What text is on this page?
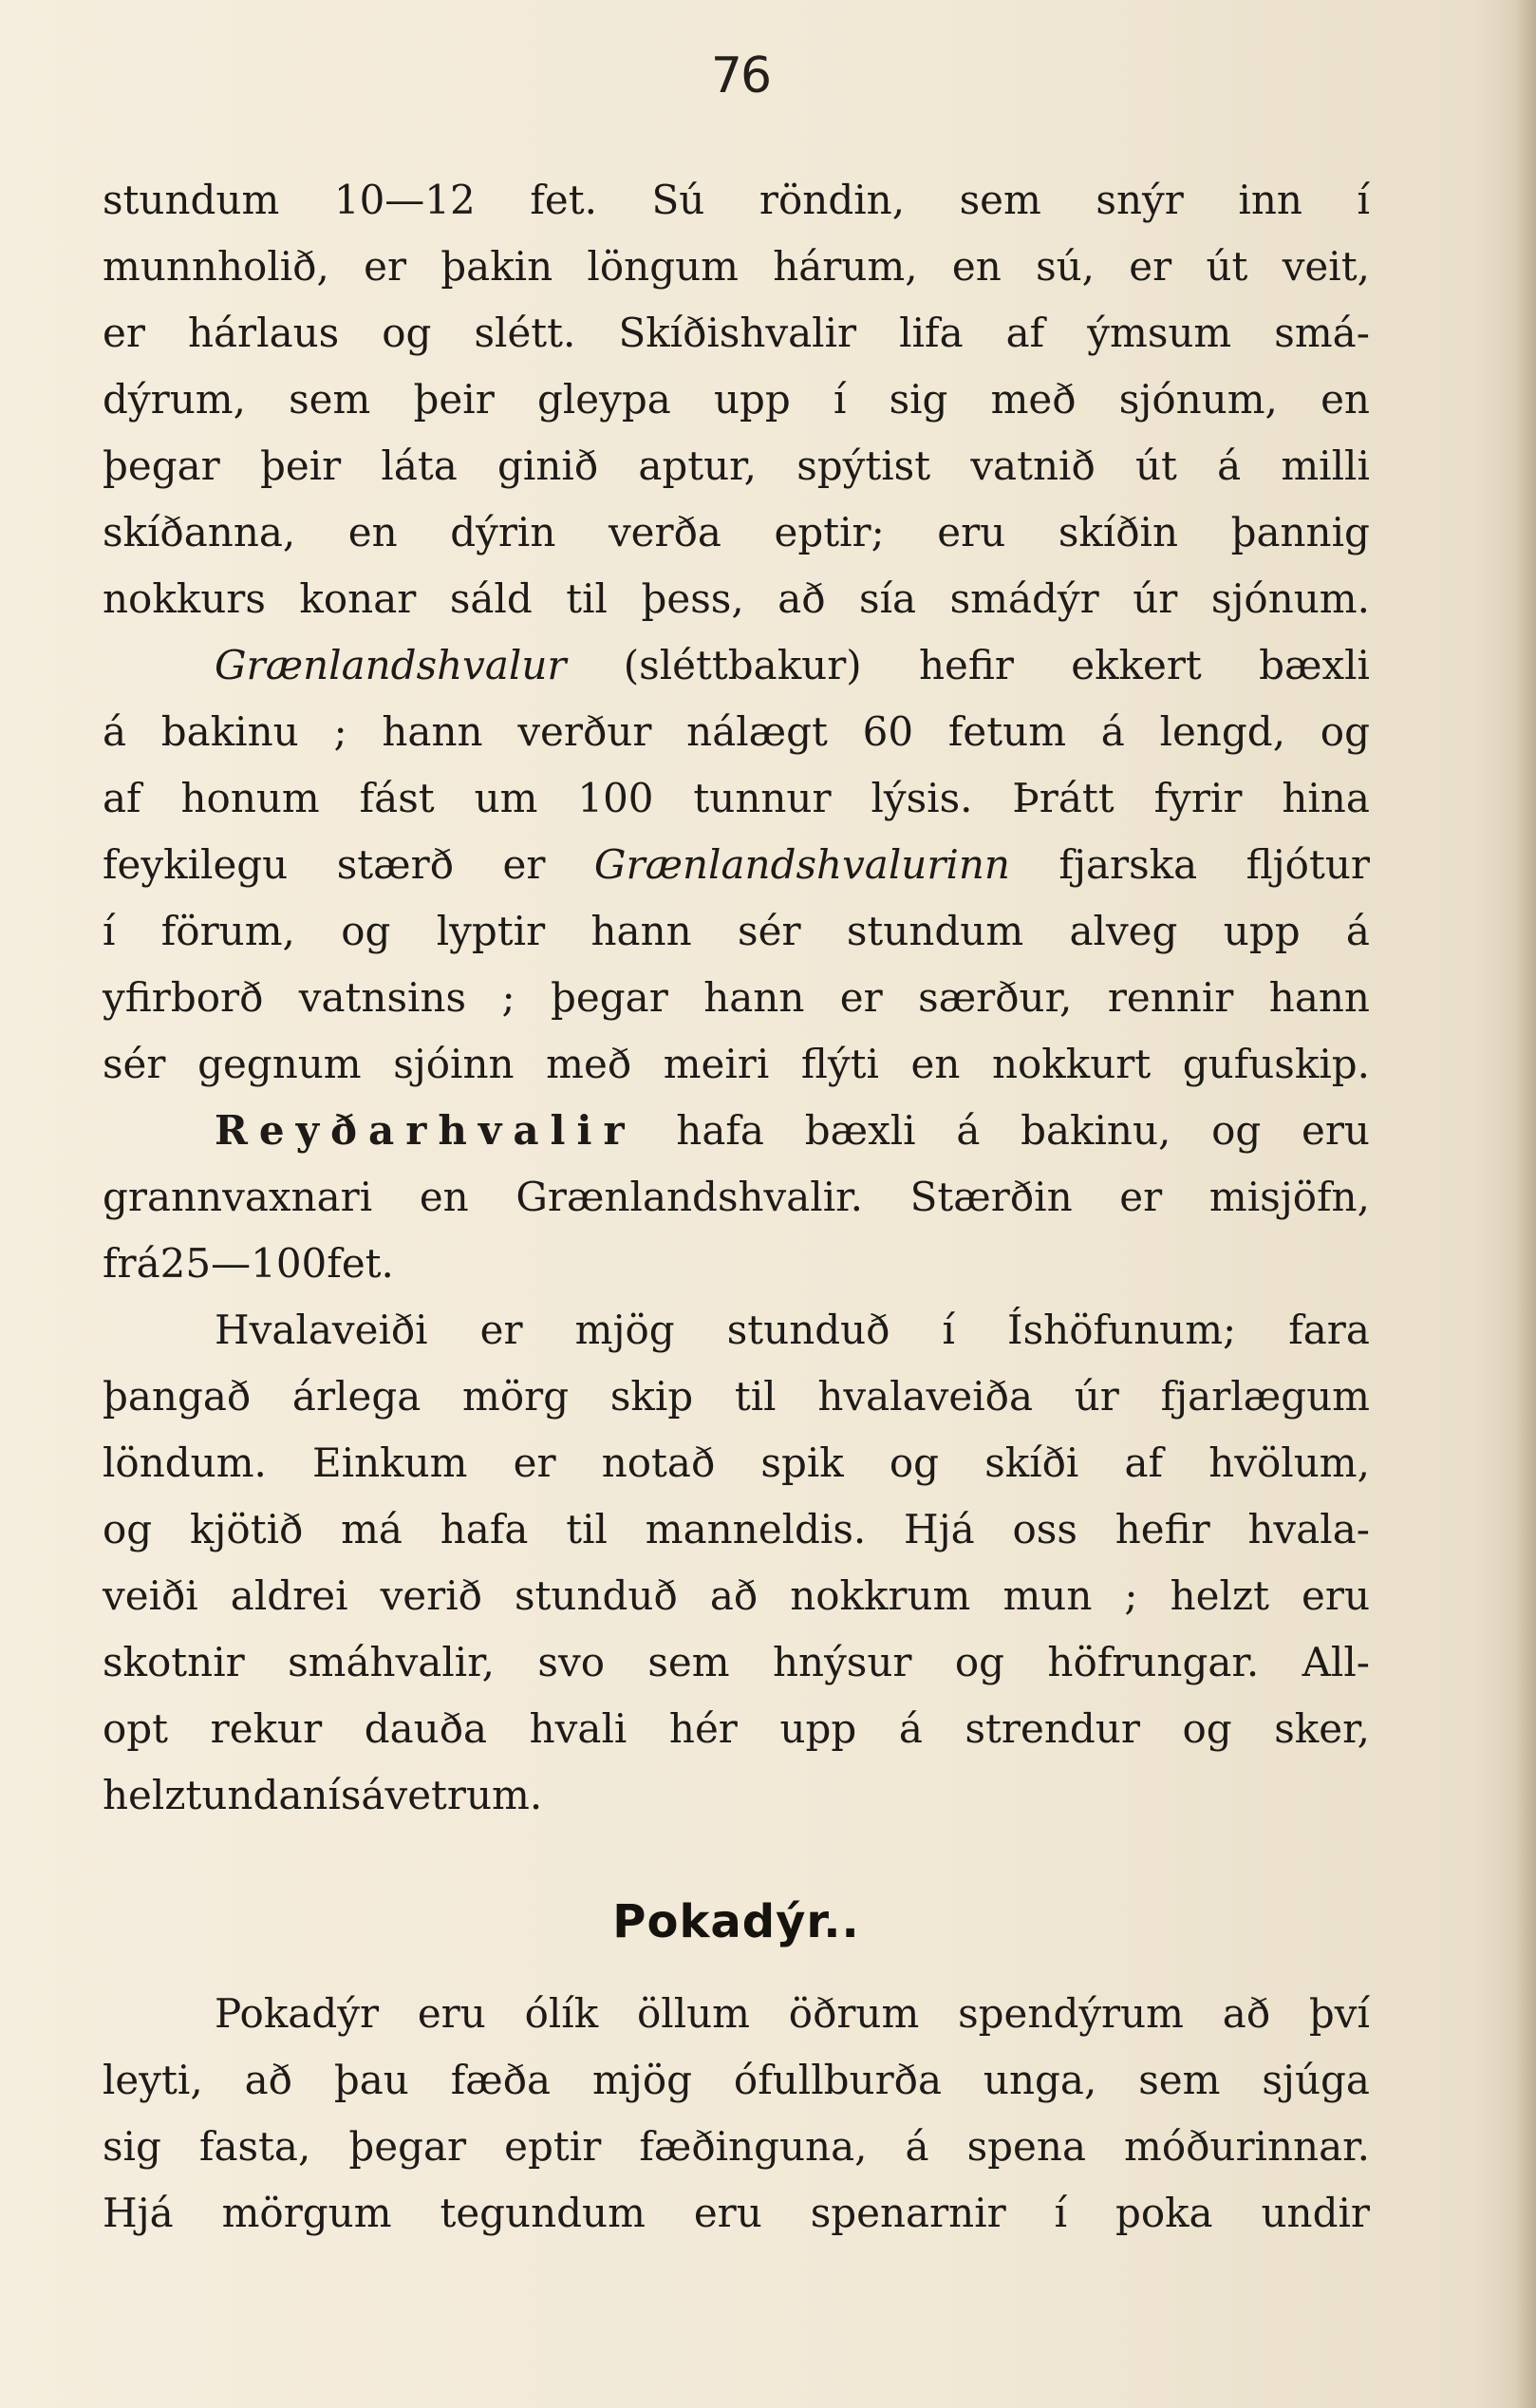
76
stundum 10—12 fet. Sú röndin, sem snýr inn í
munnholið, er þakin löngum hárum, en sú, er út veit,
er hárlaus og slétt. Skíðishvalir lifa af ýmsum smá-
dýrum, sem þeir gleypa upp í sig með sjónum, en
þegar þeir láta ginið aptur, spýtist vatnið út á milli
skíðanna, en dýrin verða eptir; eru skíðin þannig
nokkurs konar sáld til þess, að sía smádýr úr sjónum.
Grænlandshvalur (sléttbakur) hefir ekkert bæxli
á bakinu ; hann verður nálægt 60 fetum á lengd, og
af honum fást um 100 tunnur lýsis. Þrátt fyrir hina
feykilegu stærð er Grænlandshvalurinn fjarska fljótur
í förum, og lyptir hann sér stundum alveg upp á
yfirborð vatnsins ; þegar hann er særður, rennir hann
sér gegnum sjóinn með meiri flýti en nokkurt gufuskip.
Reyðarhvalir hafa bæxli á bakinu, og eru
grannvaxnari en Grænlandshvalir. Stærðin er misjöfn,
frá 25—100 fet.
Hvalaveiði er mjög stunduð í Íshöfunum; fara
þangað árlega mörg skip til hvalaveiða úr fjarlægum
löndum. Einkum er notað spik og skíði af hvölum,
og kjötið má hafa til manneldis. Hjá oss hefir hvala-
veiði aldrei verið stunduð að nokkrum mun ; helzt eru
skotnir smáhvalir, svo sem hnýsur og höfrungar. All-
opt rekur dauða hvali hér upp á strendur og sker,
helzt undan ís á vetrum.
Pokadýr..
Pokadýr eru ólík öllum öðrum spendýrum að því
leyti, að þau fæða mjög ófullburða unga, sem sjúga
sig fasta, þegar eptir fæðinguna, á spena móðurinnar.
Hjá mörgum tegundum eru spenarnir í poka undir
